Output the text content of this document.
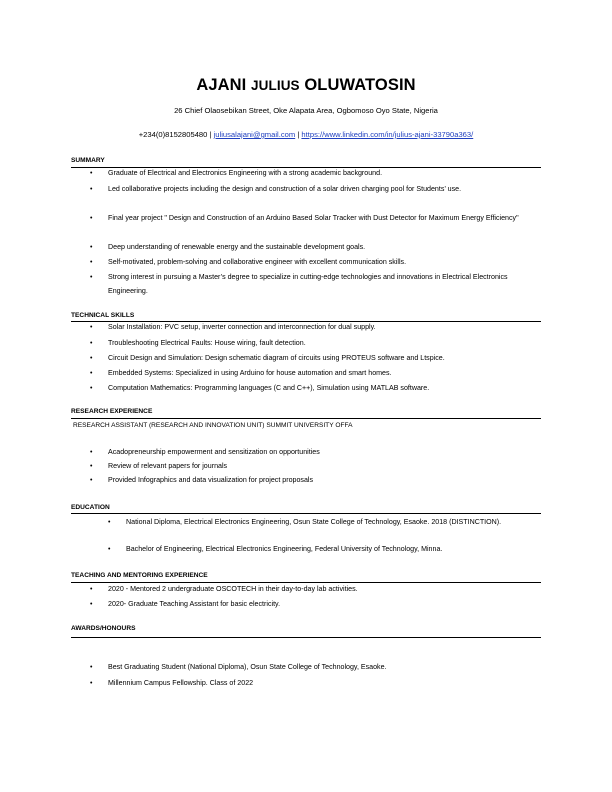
AJANI JULIUS OLUWATOSIN
26 Chief Olaosebikan Street, Oke Alapata Area, Ogbomoso Oyo State, Nigeria
+234(0)8152805480 | juliusalajani@gmail.com | https://www.linkedin.com/in/julius-ajani-33790a363/
SUMMARY
• Graduate of Electrical and Electronics Engineering with a strong academic background.
• Led collaborative projects including the design and construction of a solar driven charging pool for Students’ use.
• Final year project " Design and Construction of an Arduino Based Solar Tracker with Dust Detector for Maximum Energy Efficiency"
• Deep understanding of renewable energy and the sustainable development goals.
• Self-motivated, problem-solving and collaborative engineer with excellent communication skills.
• Strong interest in pursuing a Master’s degree to specialize in cutting-edge technologies and innovations in Electrical Electronics Engineering.
TECHNICAL SKILLS
• Solar Installation: PVC setup, inverter connection and interconnection for dual supply.
• Troubleshooting Electrical Faults: House wiring, fault detection.
• Circuit Design and Simulation: Design schematic diagram of circuits using PROTEUS software and Ltspice.
• Embedded Systems: Specialized in using Arduino for house automation and smart homes.
• Computation Mathematics: Programming languages (C and C++), Simulation using MATLAB software.
RESEARCH EXPERIENCE
RESEARCH ASSISTANT (RESEARCH AND INNOVATION UNIT) SUMMIT UNIVERSITY OFFA
• Acadopreneurship empowerment and sensitization on opportunities
• Review of relevant papers for journals
• Provided Infographics and data visualization for project proposals
EDUCATION
• National Diploma, Electrical Electronics Engineering, Osun State College of Technology, Esaoke. 2018 (DISTINCTION).
• Bachelor of Engineering, Electrical Electronics Engineering, Federal University of Technology, Minna.
TEACHING AND MENTORING EXPERIENCE
• 2020 - Mentored 2 undergraduate OSCOTECH in their day-to-day lab activities.
• 2020- Graduate Teaching Assistant for basic electricity.
AWARDS/HONOURS
• Best Graduating Student (National Diploma), Osun State College of Technology, Esaoke.
• Millennium Campus Fellowship. Class of 2022
